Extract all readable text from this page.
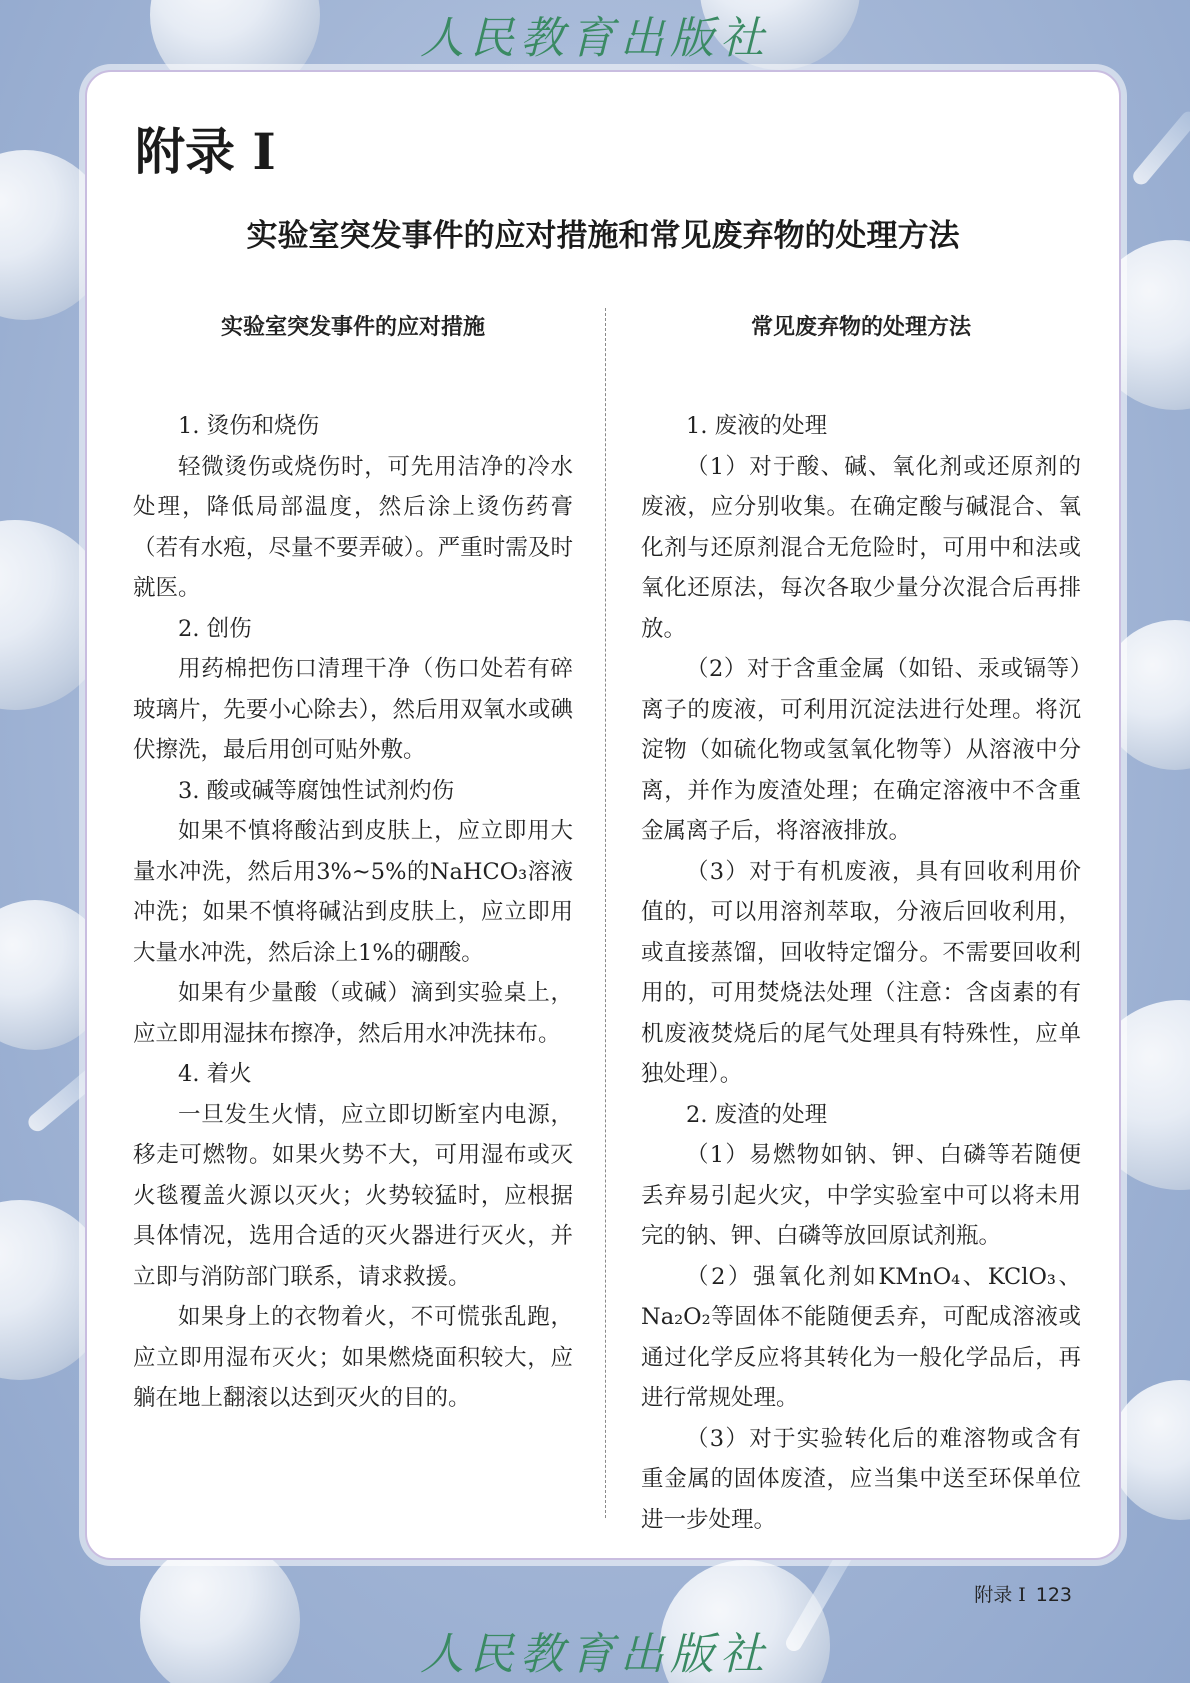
人民教育出版社
附录 I
实验室突发事件的应对措施和常见废弃物的处理方法
实验室突发事件的应对措施

1. 烫伤和烧伤

轻微烫伤或烧伤时，可先用洁净的冷水处理，降低局部温度，然后涂上烫伤药膏（若有水疱，尽量不要弄破）。严重时需及时就医。

2. 创伤

用药棉把伤口清理干净（伤口处若有碎玻璃片，先要小心除去），然后用双氧水或碘伏擦洗，最后用创可贴外敷。

3. 酸或碱等腐蚀性试剂灼伤

如果不慎将酸沾到皮肤上，应立即用大量水冲洗，然后用3%~5%的NaHCO₃溶液冲洗；如果不慎将碱沾到皮肤上，应立即用大量水冲洗，然后涂上1%的硼酸。

如果有少量酸（或碱）滴到实验桌上，应立即用湿抹布擦净，然后用水冲洗抹布。

4. 着火

一旦发生火情，应立即切断室内电源，移走可燃物。如果火势不大，可用湿布或灭火毯覆盖火源以灭火；火势较猛时，应根据具体情况，选用合适的灭火器进行灭火，并立即与消防部门联系，请求救援。

如果身上的衣物着火，不可慌张乱跑，应立即用湿布灭火；如果燃烧面积较大，应躺在地上翻滚以达到灭火的目的。

常见废弃物的处理方法

1. 废液的处理

（1）对于酸、碱、氧化剂或还原剂的废液，应分别收集。在确定酸与碱混合、氧化剂与还原剂混合无危险时，可用中和法或氧化还原法，每次各取少量分次混合后再排放。

（2）对于含重金属（如铅、汞或镉等）离子的废液，可利用沉淀法进行处理。将沉淀物（如硫化物或氢氧化物等）从溶液中分离，并作为废渣处理；在确定溶液中不含重金属离子后，将溶液排放。

（3）对于有机废液，具有回收利用价值的，可以用溶剂萃取，分液后回收利用，或直接蒸馏，回收特定馏分。不需要回收利用的，可用焚烧法处理（注意：含卤素的有机废液焚烧后的尾气处理具有特殊性，应单独处理）。

2. 废渣的处理

（1）易燃物如钠、钾、白磷等若随便丢弃易引起火灾，中学实验室中可以将未用完的钠、钾、白磷等放回原试剂瓶。

（2）强氧化剂如KMnO₄、KClO₃、Na₂O₂等固体不能随便丢弃，可配成溶液或通过化学反应将其转化为一般化学品后，再进行常规处理。

（3）对于实验转化后的难溶物或含有重金属的固体废渣，应当集中送至环保单位进一步处理。

附录 I 123
人民教育出版社
